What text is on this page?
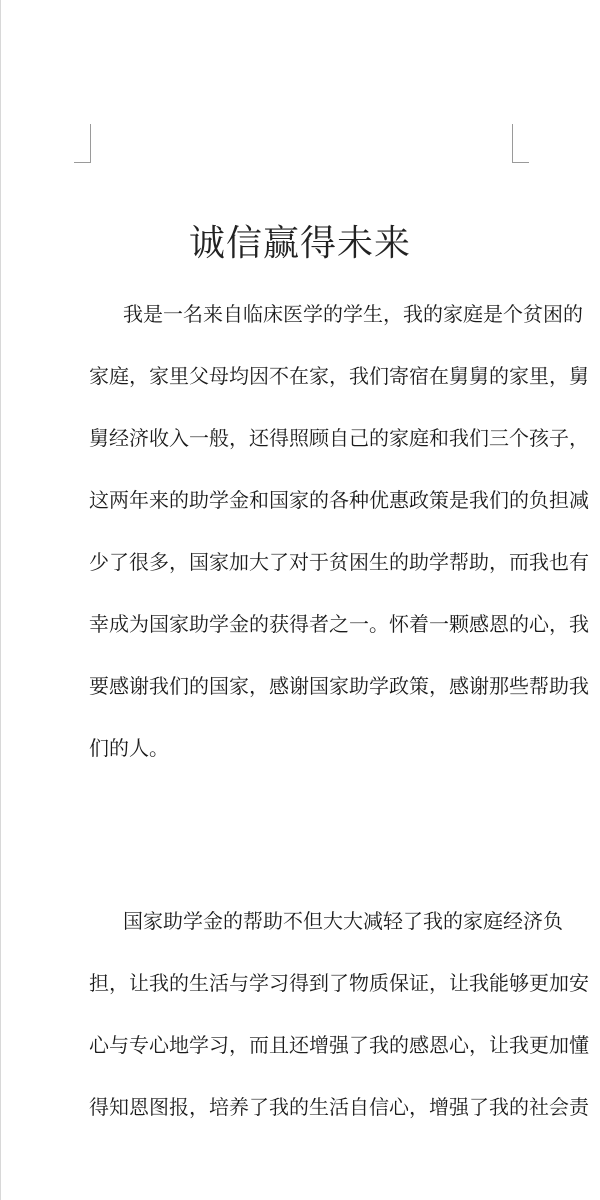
诚信赢得未来

我是一名来自临床医学的学生，我的家庭是个贫困的
家庭，家里父母均因不在家，我们寄宿在舅舅的家里，舅
舅经济收入一般，还得照顾自己的家庭和我们三个孩子，
这两年来的助学金和国家的各种优惠政策是我们的负担减
少了很多，国家加大了对于贫困生的助学帮助，而我也有
幸成为国家助学金的获得者之一。怀着一颗感恩的心，我
要感谢我们的国家，感谢国家助学政策，感谢那些帮助我
们的人。

国家助学金的帮助不但大大减轻了我的家庭经济负
担，让我的生活与学习得到了物质保证，让我能够更加安
心与专心地学习，而且还增强了我的感恩心，让我更加懂
得知恩图报，培养了我的生活自信心，增强了我的社会责
